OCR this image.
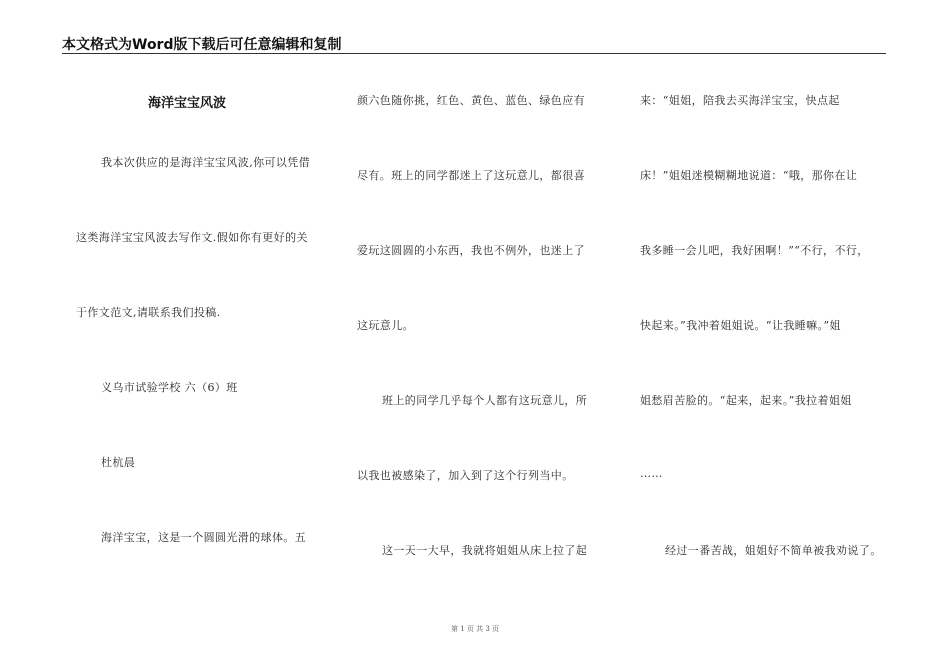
本文格式为Word版下载后可任意编辑和复制
海洋宝宝风波
我本次供应的是海洋宝宝风波,你可以凭借
这类海洋宝宝风波去写作文.假如你有更好的关
于作文范文,请联系我们投稿.
义乌市试验学校 六（6）班
杜杭晨
海洋宝宝，这是一个圆圆光滑的球体。五
颜六色随你挑，红色、黄色、蓝色、绿色应有
尽有。班上的同学都迷上了这玩意儿，都很喜
爱玩这圆圆的小东西，我也不例外，也迷上了
这玩意儿。
班上的同学几乎每个人都有这玩意儿，所
以我也被感染了，加入到了这个行列当中。
这一天一大早，我就将姐姐从床上拉了起
来：“姐姐，陪我去买海洋宝宝，快点起
床！”姐姐迷模糊糊地说道：“哦，那你在让
我多睡一会儿吧，我好困啊！”“不行，不行，
快起来。”我冲着姐姐说。“让我睡嘛。”姐
姐愁眉苦脸的。“起来，起来。”我拉着姐姐
……
经过一番苦战，姐姐好不简单被我劝说了。
第 1 页 共 3 页
